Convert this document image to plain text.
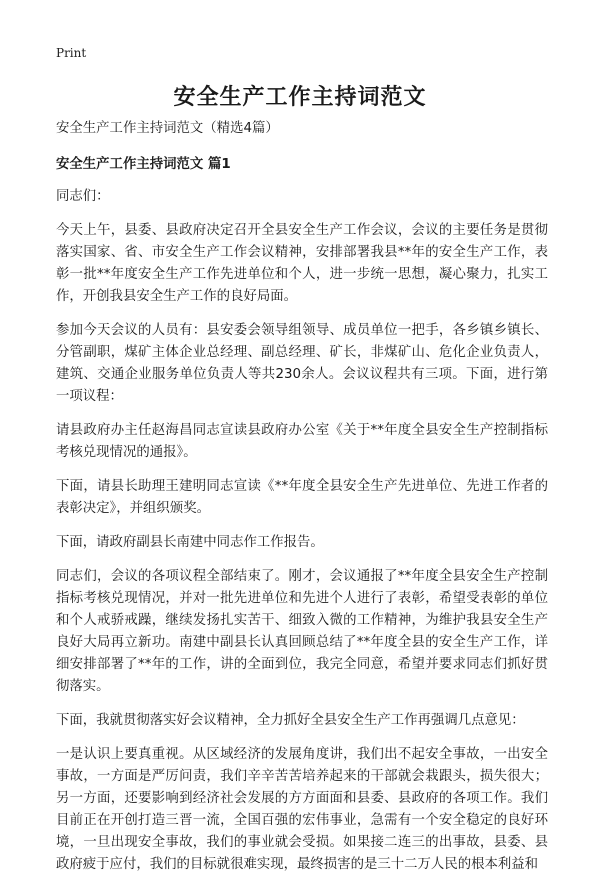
Print
安全生产工作主持词范文

安全生产工作主持词范文（精选4篇）

安全生产工作主持词范文 篇1

同志们：

今天上午，县委、县政府决定召开全县安全生产工作会议，会议的主要任务是贯彻落实国家、省、市安全生产工作会议精神，安排部署我县**年的安全生产工作，表彰一批**年度安全生产工作先进单位和个人，进一步统一思想，凝心聚力，扎实工作，开创我县安全生产工作的良好局面。

参加今天会议的人员有：县安委会领导组领导、成员单位一把手，各乡镇乡镇长、分管副职，煤矿主体企业总经理、副总经理、矿长，非煤矿山、危化企业负责人，建筑、交通企业服务单位负责人等共230余人。会议议程共有三项。下面，进行第一项议程：

请县政府办主任赵海昌同志宣读县政府办公室《关于**年度全县安全生产控制指标考核兑现情况的通报》。

下面，请县长助理王建明同志宣读《**年度全县安全生产先进单位、先进工作者的表彰决定》，并组织颁奖。

下面，请政府副县长南建中同志作工作报告。

同志们，会议的各项议程全部结束了。刚才，会议通报了**年度全县安全生产控制指标考核兑现情况，并对一批先进单位和先进个人进行了表彰，希望受表彰的单位和个人戒骄戒躁，继续发扬扎实苦干、细致入微的工作精神，为维护我县安全生产良好大局再立新功。南建中副县长认真回顾总结了**年度全县的安全生产工作，详细安排部署了**年的工作，讲的全面到位，我完全同意，希望并要求同志们抓好贯彻落实。

下面，我就贯彻落实好会议精神，全力抓好全县安全生产工作再强调几点意见：

一是认识上要真重视。从区域经济的发展角度讲，我们出不起安全事故，一出安全事故，一方面是严厉问责，我们辛辛苦苦培养起来的干部就会栽跟头，损失很大；另一方面，还要影响到经济社会发展的方方面面和县委、县政府的各项工作。我们目前正在开创打造三晋一流，全国百强的宏伟事业，急需有一个安全稳定的良好环境，一旦出现安全事故，我们的事业就会受损。如果接二连三的出事故，县委、县政府疲于应付，我们的目标就很难实现，最终损害的是三十二万人民的根本利益和
